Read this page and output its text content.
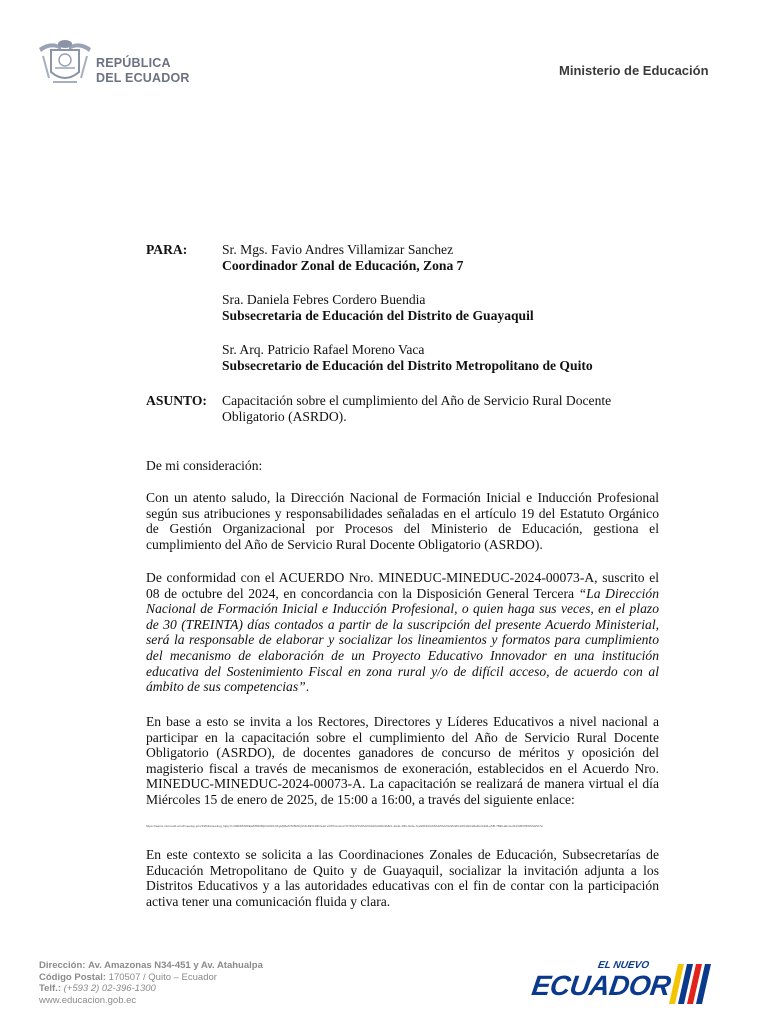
REPÚBLICA
DEL ECUADOR	Ministerio de Educación
PARA:	Sr. Mgs. Favio Andres Villamizar Sanchez
Coordinador Zonal de Educación, Zona 7
Sra. Daniela Febres Cordero Buendia
Subsecretaria de Educación del Distrito de Guayaquil
Sr. Arq. Patricio Rafael Moreno Vaca
Subsecretario de Educación del Distrito Metropolitano de Quito
ASUNTO: Capacitación sobre el cumplimiento del Año de Servicio Rural Docente
Obligatorio (ASRDO).
De mi consideración:

Con un atento saludo, la Dirección Nacional de Formación Inicial e Inducción Profesional según sus atribuciones y responsabilidades señaladas en el artículo 19 del Estatuto Orgánico de Gestión Organizacional por Procesos del Ministerio de Educación, gestiona el cumplimiento del Año de Servicio Rural Docente Obligatorio (ASRDO).

De conformidad con el ACUERDO Nro. MINEDUC-MINEDUC-2024-00073-A, suscrito el 08 de octubre del 2024, en concordancia con la Disposición General Tercera “La Dirección Nacional de Formación Inicial e Inducción Profesional, o quien haga sus veces, en el plazo de 30 (TREINTA) días contados a partir de la suscripción del presente Acuerdo Ministerial, será la responsable de elaborar y socializar los lineamientos y formatos para cumplimiento del mecanismo de elaboración de un Proyecto Educativo Innovador en una institución educativa del Sostenimiento Fiscal en zona rural y/o de difícil acceso, de acuerdo con al ámbito de sus competencias”.

En base a esto se invita a los Rectores, Directores y Líderes Educativos a nivel nacional a participar en la capacitación sobre el cumplimiento del Año de Servicio Rural Docente Obligatorio (ASRDO), de docentes ganadores de concurso de méritos y oposición del magisterio fiscal a través de mecanismos de exoneración, establecidos en el Acuerdo Nro. MINEDUC-MINEDUC-2024-00073-A. La capacitación se realizará de manera virtual el día Miércoles 15 de enero de 2025, de 15:00 a 16:00, a través del siguiente enlace:

https://teams.microsoft.com/l/meetup-join/19%3ameeting_NjAyYmI0ZDMtNWEwMS00MjU3LWI1NTgtZjMwNTk5MzQzNGRk%40thread.v2/0?context=%7b%22Tid%22%3a%22d6c2b8c1-3a4e-4f1b-9c3e-7e2a5b1f0c2d%22%2c%22Oid%22%3a%22a1b2c3d4-e5f6-7890-abcd-ef1234567890%22%7d

En este contexto se solicita a las Coordinaciones Zonales de Educación, Subsecretarías de Educación Metropolitano de Quito y de Guayaquil, socializar la invitación adjunta a los Distritos Educativos y a las autoridades educativas con el fin de contar con la participación activa tener una comunicación fluida y clara.

Dirección: Av. Amazonas N34-451 y Av. Atahualpa
Código Postal: 170507 / Quito – Ecuador
Telf.: (+593 2) 02-396-1300
www.educacion.gob.ec
EL NUEVO
ECUADOR
